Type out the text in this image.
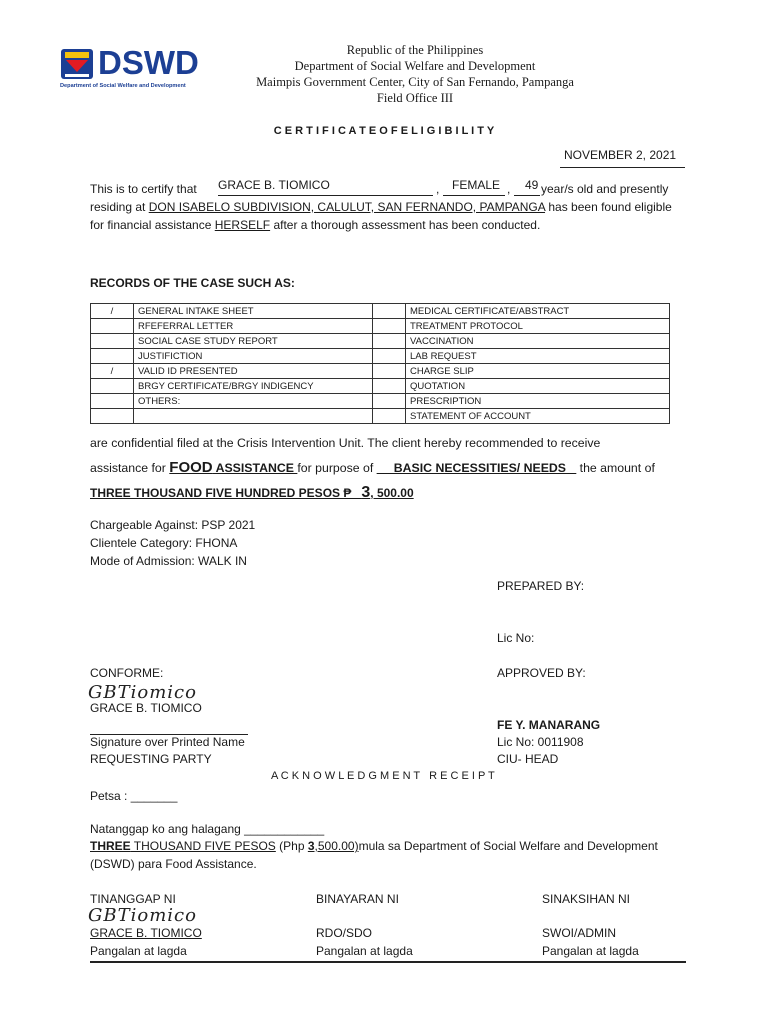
DSWD
Department of Social Welfare and Development
Republic of the Philippines
Department of Social Welfare and Development
Maimpis Government Center, City of San Fernando, Pampanga
Field Office III
C E R T I F I C A T E O F E L I G I B I L I T Y
NOVEMBER 2, 2021
This is to certify that GRACE B. TIOMICO	, FEMALE , 49 year/s old and presently
residing at DON ISABELO SUBDIVISION, CALULUT, SAN FERNANDO, PAMPANGA has been found eligible
for financial assistance HERSELF after a thorough assessment has been conducted.
RECORDS OF THE CASE SUCH AS:
/	GENERAL INTAKE SHEET		MEDICAL CERTIFICATE/ABSTRACT
	RFEFERRAL LETTER		TREATMENT PROTOCOL
	SOCIAL CASE STUDY REPORT		VACCINATION
	JUSTIFICTION		LAB REQUEST
/	VALID ID PRESENTED		CHARGE SLIP
	BRGY CERTIFICATE/BRGY INDIGENCY		QUOTATION
	OTHERS:		PRESCRIPTION
			STATEMENT OF ACCOUNT
are confidential filed at the Crisis Intervention Unit. The client hereby recommended to receive
assistance for FOOD ASSISTANCE for purpose of __ BASIC NECESSITIES/ NEEDS _ the amount of
THREE THOUSAND FIVE HUNDRED PESOS ₱ _3, 500.00
Chargeable Against: PSP 2021
Clientele Category: FHONA
Mode of Admission: WALK IN
PREPARED BY:
Lic No:
CONFORME:
GBTiomico
GRACE B. TIOMICO
Signature over Printed Name
REQUESTING PARTY
APPROVED BY:
FE Y. MANARANG
Lic No: 0011908
CIU- HEAD
A C K N O W L E D G M E N T   R E C E I P T
Petsa : _______
Natanggap ko ang halagang ____________
THREE THOUSAND FIVE PESOS (Php 3,500.00)mula sa Department of Social Welfare and Development
(DSWD) para Food Assistance.
TINANGGAP NI
GBTiomico
GRACE B. TIOMICO
Pangalan at lagda
BINAYARAN NI
RDO/SDO
Pangalan at lagda
SINAKSIHAN NI
SWOI/ADMIN
Pangalan at lagda
